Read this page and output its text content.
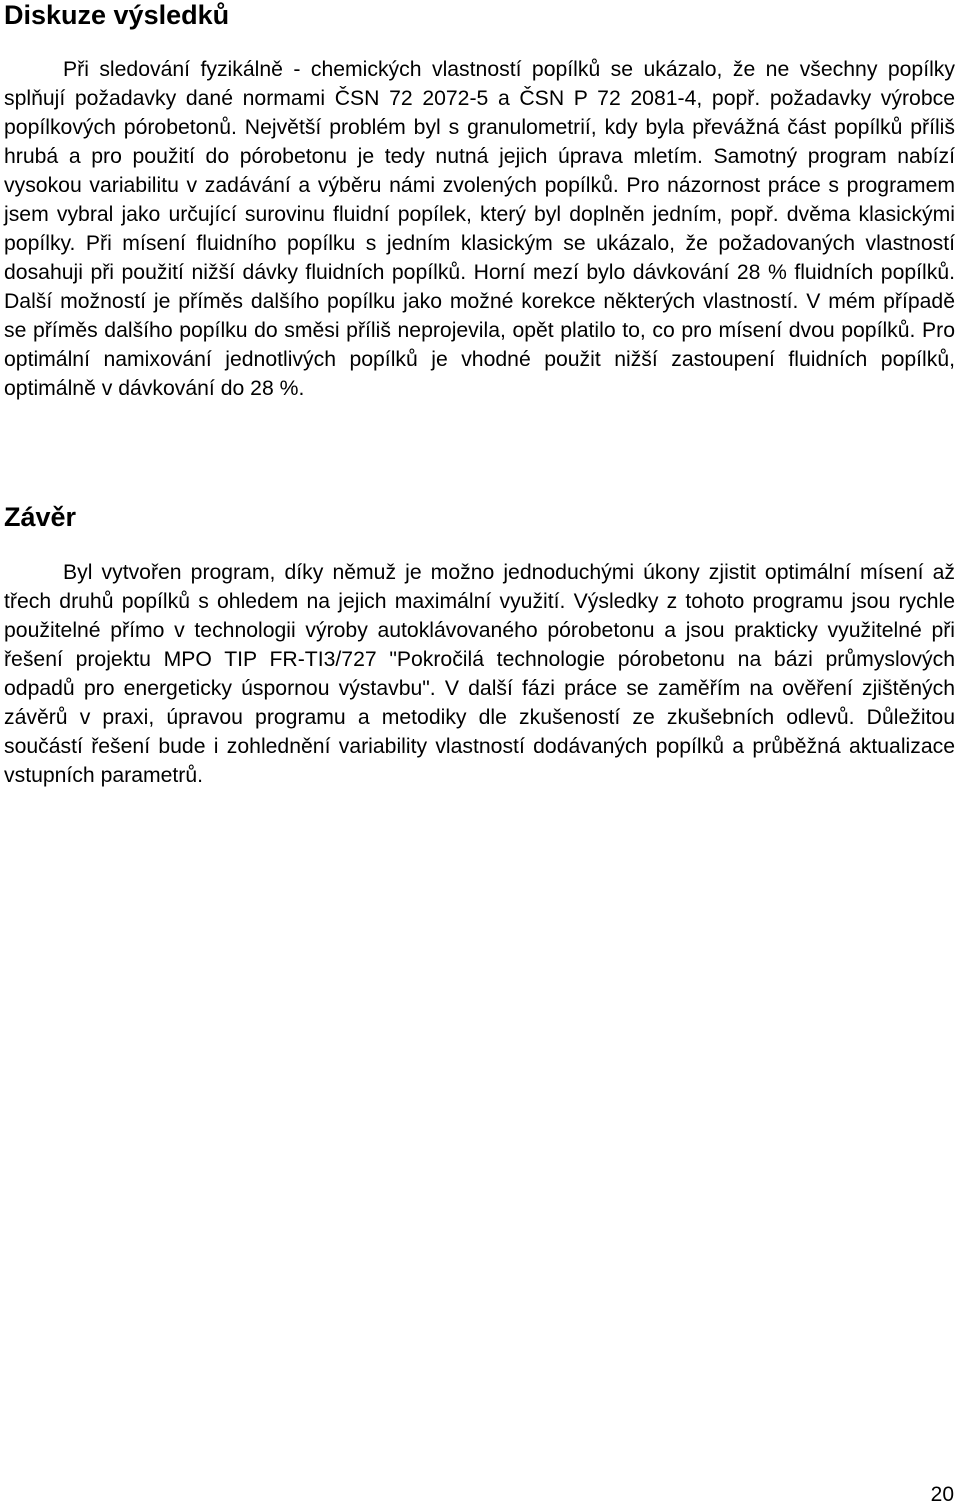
Diskuze výsledků

Při sledování fyzikálně - chemických vlastností popílků se ukázalo, že ne všechny popílky splňují požadavky dané normami ČSN 72 2072-5 a ČSN P 72 2081-4, popř. požadavky výrobce popílkových pórobetonů. Největší problém byl s granulometrií, kdy byla převážná část popílků příliš hrubá a pro použití do pórobetonu je tedy nutná jejich úprava mletím. Samotný program nabízí vysokou variabilitu v zadávání a výběru námi zvolených popílků. Pro názornost práce s programem jsem vybral jako určující surovinu fluidní popílek, který byl doplněn jedním, popř. dvěma klasickými popílky. Při mísení fluidního popílku s jedním klasickým se ukázalo, že požadovaných vlastností dosahuji při použití nižší dávky fluidních popílků. Horní mezí bylo dávkování 28 % fluidních popílků. Další možností je příměs dalšího popílku jako možné korekce některých vlastností. V mém případě se příměs dalšího popílku do směsi příliš neprojevila, opět platilo to, co pro mísení dvou popílků. Pro optimální namixování jednotlivých popílků je vhodné použit nižší zastoupení fluidních popílků, optimálně v dávkování do 28 %.

Závěr

Byl vytvořen program, díky němuž je možno jednoduchými úkony zjistit optimální mísení až třech druhů popílků s ohledem na jejich maximální využití. Výsledky z tohoto programu jsou rychle použitelné přímo v technologii výroby autoklávovaného pórobetonu a jsou prakticky využitelné při řešení projektu MPO TIP FR-TI3/727 "Pokročilá technologie pórobetonu na bázi průmyslových odpadů pro energeticky úspornou výstavbu". V další fázi práce se zaměřím na ověření zjištěných závěrů v praxi, úpravou programu a metodiky dle zkušeností ze zkušebních odlevů. Důležitou součástí řešení bude i zohlednění variability vlastností dodávaných popílků a průběžná aktualizace vstupních parametrů.

20
